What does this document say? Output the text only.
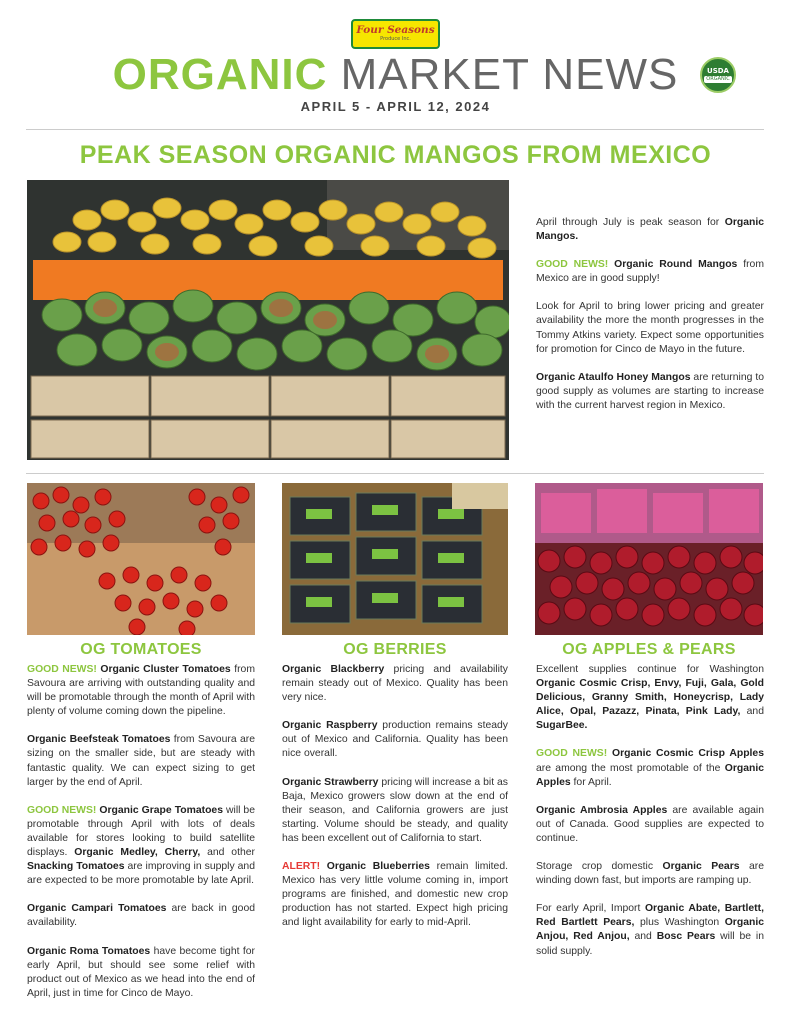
Four Seasons
Produce Inc.
ORGANIC MARKET NEWS
APRIL 5 - APRIL 12, 2024
USDA
ORGANIC
PEAK SEASON ORGANIC MANGOS FROM MEXICO

April through July is peak season for Organic Mangos.

GOOD NEWS! Organic Round Mangos from Mexico are in good supply!

Look for April to bring lower pricing and greater availability the more the month progresses in the Tommy Atkins variety. Expect some opportunities for promotion for Cinco de Mayo in the future.

Organic Ataulfo Honey Mangos are returning to good supply as volumes are starting to increase with the current harvest region in Mexico.

OG TOMATOES	OG BERRIES	OG APPLES & PEARS

GOOD NEWS! Organic Cluster Tomatoes from Savoura are arriving with outstanding quality and will be promotable through the month of April with plenty of volume coming down the pipeline.

Organic Beefsteak Tomatoes from Savoura are sizing on the smaller side, but are steady with fantastic quality. We can expect sizing to get larger by the end of April.

GOOD NEWS! Organic Grape Tomatoes will be promotable through April with lots of deals available for stores looking to build satellite displays. Organic Medley, Cherry, and other Snacking Tomatoes are improving in supply and are expected to be more promotable by late April.

Organic Campari Tomatoes are back in good availability.

Organic Roma Tomatoes have become tight for early April, but should see some relief with product out of Mexico as we head into the end of April, just in time for Cinco de Mayo.

Organic Blackberry pricing and availability remain steady out of Mexico. Quality has been very nice.

Organic Raspberry production remains steady out of Mexico and California. Quality has been nice overall.

Organic Strawberry pricing will increase a bit as Baja, Mexico growers slow down at the end of their season, and California growers are just starting. Volume should be steady, and quality has been excellent out of California to start.

ALERT! Organic Blueberries remain limited. Mexico has very little volume coming in, import programs are finished, and domestic new crop production has not started. Expect high pricing and light availability for early to mid-April.

Excellent supplies continue for Washington Organic Cosmic Crisp, Envy, Fuji, Gala, Gold Delicious, Granny Smith, Honeycrisp, Lady Alice, Opal, Pazazz, Pinata, Pink Lady, and SugarBee.

GOOD NEWS! Organic Cosmic Crisp Apples are among the most promotable of the Organic Apples for April.

Organic Ambrosia Apples are available again out of Canada. Good supplies are expected to continue.

Storage crop domestic Organic Pears are winding down fast, but imports are ramping up.

For early April, Import Organic Abate, Bartlett, Red Bartlett Pears, plus Washington Organic Anjou, Red Anjou, and Bosc Pears will be in solid supply.
